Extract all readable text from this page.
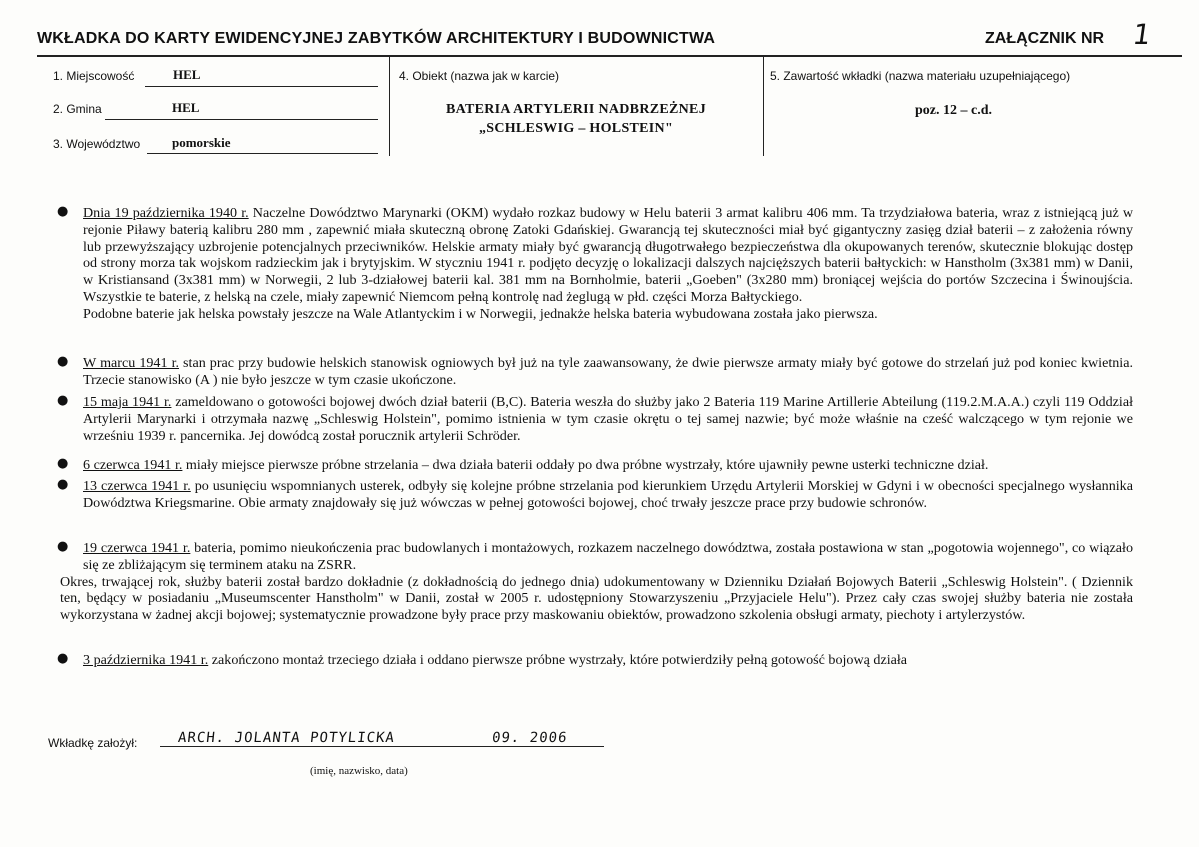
WKŁADKA DO KARTY EWIDENCYJNEJ ZABYTKÓW ARCHITEKTURY I BUDOWNICTWA	ZAŁĄCZNIK NR 1
1. Miejscowość	HEL
2. Gmina	HEL
3. Województwo pomorskie
4. Obiekt (nazwa jak w karcie)
BATERIA ARTYLERII NADBRZEŻNEJ
„SCHLESWIG – HOLSTEIN"
5. Zawartość wkładki (nazwa materiału uzupełniającego)
poz. 12 – c.d.
●
●
●
●
●
●
●

Dnia 19 października 1940 r. Naczelne Dowództwo Marynarki (OKM) wydało rozkaz budowy w Helu baterii 3 armat kalibru 406 mm. Ta trzydziałowa bateria, wraz z istniejącą już w rejonie Piławy baterią kalibru 280 mm , zapewnić miała skuteczną obronę Zatoki Gdańskiej. Gwarancją tej skuteczności miał być gigantyczny zasięg dział baterii – z założenia równy lub przewyższający uzbrojenie potencjalnych przeciwników. Helskie armaty miały być gwarancją długotrwałego bezpieczeństwa dla okupowanych terenów, skutecznie blokując dostęp od strony morza tak wojskom radzieckim jak i brytyjskim. W styczniu 1941 r. podjęto decyzję o lokalizacji dalszych najcięższych baterii bałtyckich: w Hanstholm (3x381 mm) w Danii, w Kristiansand (3x381 mm) w Norwegii, 2 lub 3-działowej baterii kal. 381 mm na Bornholmie, baterii „Goeben" (3x280 mm) broniącej wejścia do portów Szczecina i Świnoujścia. Wszystkie te baterie, z helską na czele, miały zapewnić Niemcom pełną kontrolę nad żeglugą w płd. części Morza Bałtyckiego.

Podobne baterie jak helska powstały jeszcze na Wale Atlantyckim i w Norwegii, jednakże helska bateria wybudowana została jako pierwsza.

W marcu 1941 r. stan prac przy budowie helskich stanowisk ogniowych był już na tyle zaawansowany, że dwie pierwsze armaty miały być gotowe do strzelań już pod koniec kwietnia. Trzecie stanowisko (A ) nie było jeszcze w tym czasie ukończone.

15 maja 1941 r. zameldowano o gotowości bojowej dwóch dział baterii (B,C). Bateria weszła do służby jako 2 Bateria 119 Marine Artillerie Abteilung (119.2.M.A.A.) czyli 119 Oddział Artylerii Marynarki i otrzymała nazwę „Schleswig Holstein", pomimo istnienia w tym czasie okrętu o tej samej nazwie; być może właśnie na cześć walczącego w tym rejonie we wrześniu 1939 r. pancernika. Jej dowódcą został porucznik artylerii Schröder.

6 czerwca 1941 r. miały miejsce pierwsze próbne strzelania – dwa działa baterii oddały po dwa próbne wystrzały, które ujawniły pewne usterki techniczne dział.

13 czerwca 1941 r. po usunięciu wspomnianych usterek, odbyły się kolejne próbne strzelania pod kierunkiem Urzędu Artylerii Morskiej w Gdyni i w obecności specjalnego wysłannika Dowództwa Kriegsmarine. Obie armaty znajdowały się już wówczas w pełnej gotowości bojowej, choć trwały jeszcze prace przy budowie schronów.

19 czerwca 1941 r. bateria, pomimo nieukończenia prac budowlanych i montażowych, rozkazem naczelnego dowództwa, została postawiona w stan „pogotowia wojennego", co wiązało się ze zbliżającym się terminem ataku na ZSRR.

Okres, trwającej rok, służby baterii został bardzo dokładnie (z dokładnością do jednego dnia) udokumentowany w Dzienniku Działań Bojowych Baterii „Schleswig Holstein". ( Dziennik ten, będący w posiadaniu „Museumscenter Hanstholm" w Danii, został w 2005 r. udostępniony Stowarzyszeniu „Przyjaciele Helu"). Przez cały czas swojej służby bateria nie została wykorzystana w żadnej akcji bojowej; systematycznie prowadzone były prace przy maskowaniu obiektów, prowadzono szkolenia obsługi armaty, piechoty i artylerzystów.

3 października 1941 r. zakończono montaż trzeciego działa i oddano pierwsze próbne wystrzały, które potwierdziły pełną gotowość bojową działa

Wkładkę założył:	ARCH. JOLANTA POTYLICKA	09. 2006
(imię, nazwisko, data)
